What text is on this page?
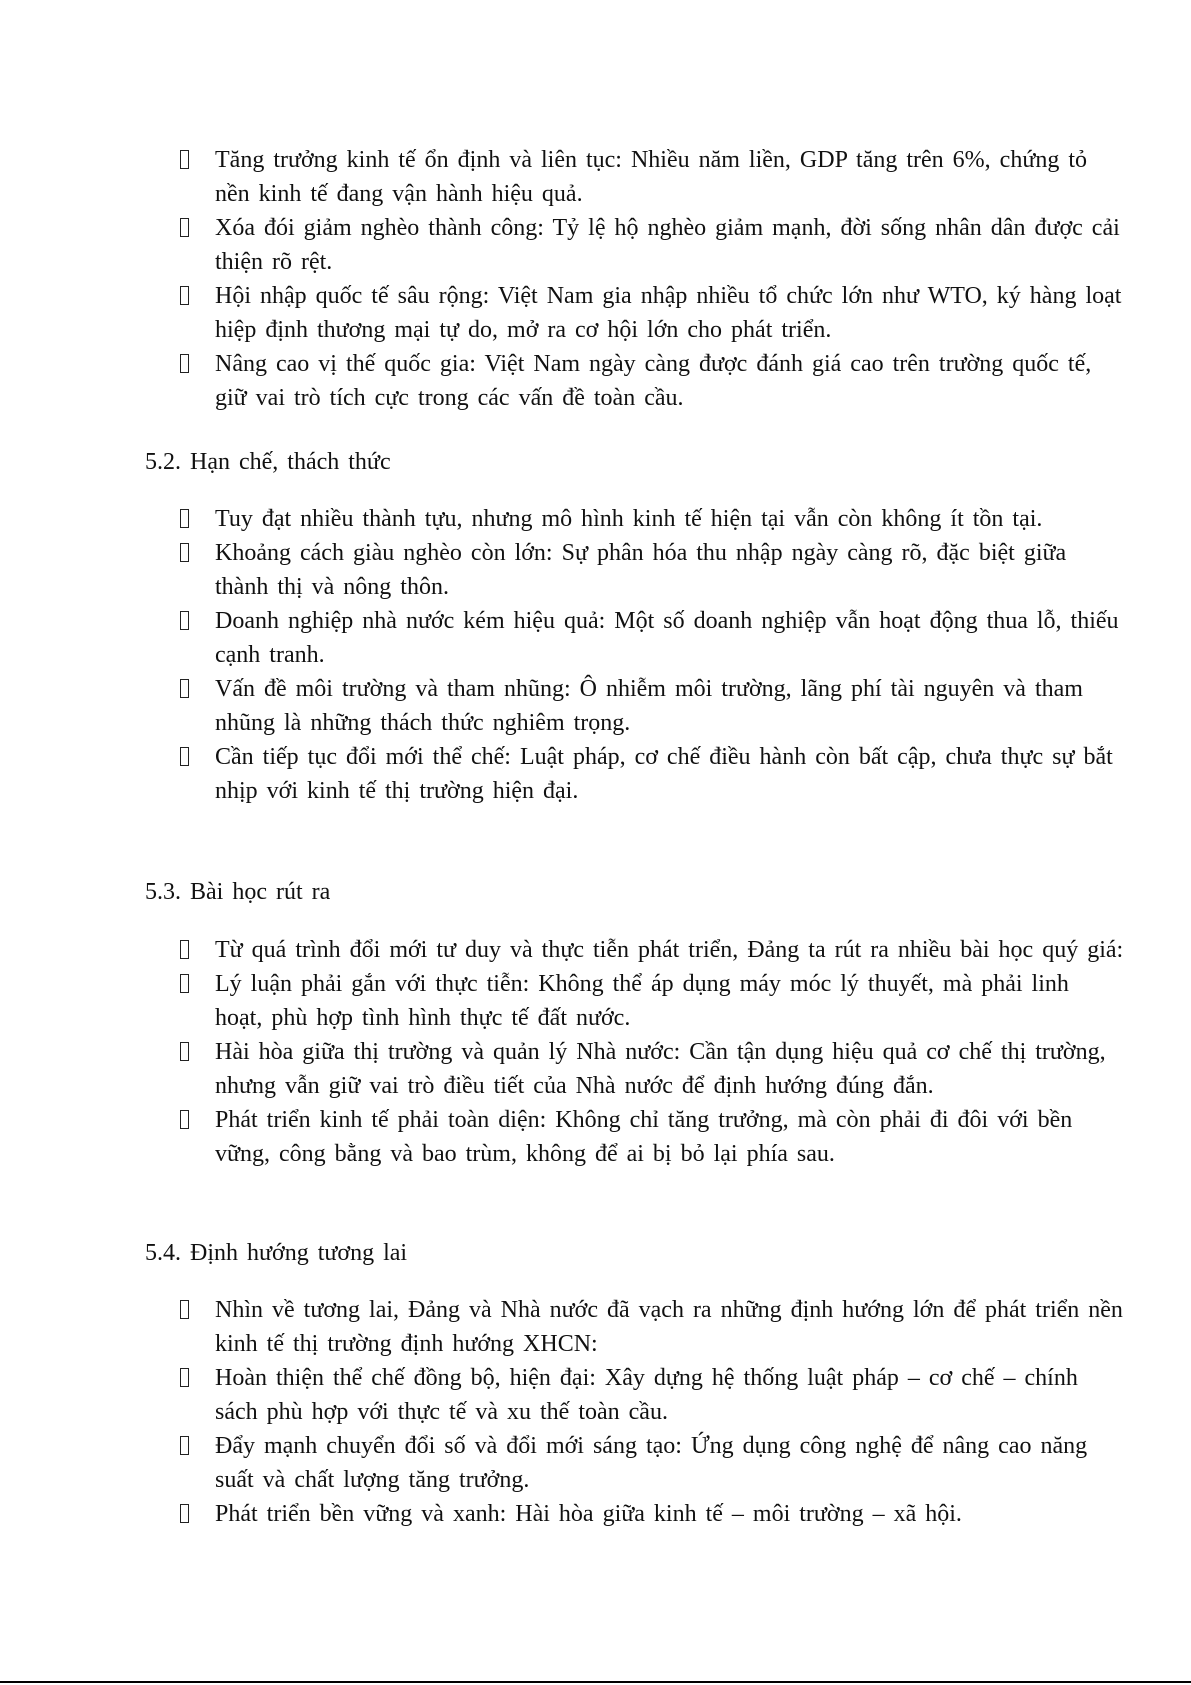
Tăng trưởng kinh tế ổn định và liên tục: Nhiều năm liền, GDP tăng trên 6%, chứng tỏ nền kinh tế đang vận hành hiệu quả.
Xóa đói giảm nghèo thành công: Tỷ lệ hộ nghèo giảm mạnh, đời sống nhân dân được cải thiện rõ rệt.
Hội nhập quốc tế sâu rộng: Việt Nam gia nhập nhiều tổ chức lớn như WTO, ký hàng loạt hiệp định thương mại tự do, mở ra cơ hội lớn cho phát triển.
Nâng cao vị thế quốc gia: Việt Nam ngày càng được đánh giá cao trên trường quốc tế, giữ vai trò tích cực trong các vấn đề toàn cầu.
5.2. Hạn chế, thách thức
Tuy đạt nhiều thành tựu, nhưng mô hình kinh tế hiện tại vẫn còn không ít tồn tại.
Khoảng cách giàu nghèo còn lớn: Sự phân hóa thu nhập ngày càng rõ, đặc biệt giữa thành thị và nông thôn.
Doanh nghiệp nhà nước kém hiệu quả: Một số doanh nghiệp vẫn hoạt động thua lỗ, thiếu cạnh tranh.
Vấn đề môi trường và tham nhũng: Ô nhiễm môi trường, lãng phí tài nguyên và tham nhũng là những thách thức nghiêm trọng.
Cần tiếp tục đổi mới thể chế: Luật pháp, cơ chế điều hành còn bất cập, chưa thực sự bắt nhịp với kinh tế thị trường hiện đại.
5.3. Bài học rút ra
Từ quá trình đổi mới tư duy và thực tiễn phát triển, Đảng ta rút ra nhiều bài học quý giá:
Lý luận phải gắn với thực tiễn: Không thể áp dụng máy móc lý thuyết, mà phải linh hoạt, phù hợp tình hình thực tế đất nước.
Hài hòa giữa thị trường và quản lý Nhà nước: Cần tận dụng hiệu quả cơ chế thị trường, nhưng vẫn giữ vai trò điều tiết của Nhà nước để định hướng đúng đắn.
Phát triển kinh tế phải toàn diện: Không chỉ tăng trưởng, mà còn phải đi đôi với bền vững, công bằng và bao trùm, không để ai bị bỏ lại phía sau.
5.4. Định hướng tương lai
Nhìn về tương lai, Đảng và Nhà nước đã vạch ra những định hướng lớn để phát triển nền kinh tế thị trường định hướng XHCN:
Hoàn thiện thể chế đồng bộ, hiện đại: Xây dựng hệ thống luật pháp – cơ chế – chính sách phù hợp với thực tế và xu thế toàn cầu.
Đẩy mạnh chuyển đổi số và đổi mới sáng tạo: Ứng dụng công nghệ để nâng cao năng suất và chất lượng tăng trưởng.
Phát triển bền vững và xanh: Hài hòa giữa kinh tế – môi trường – xã hội.
